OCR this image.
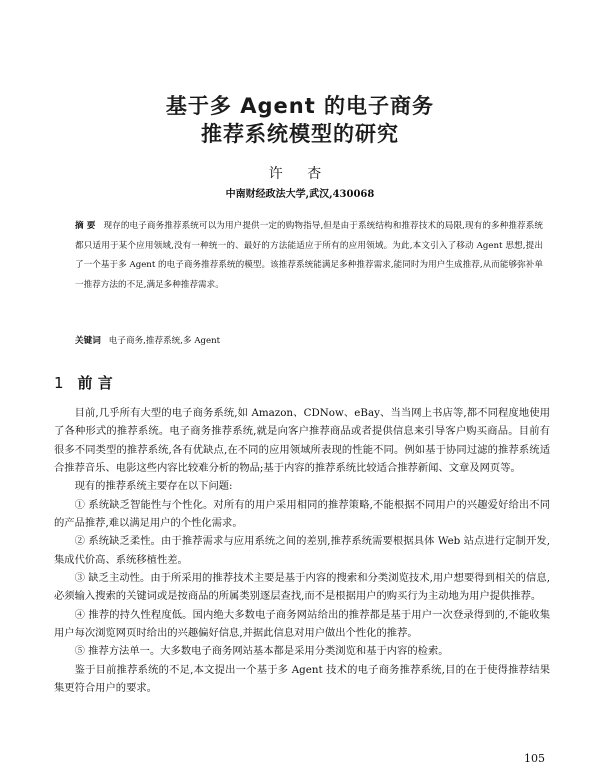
基于多 Agent 的电子商务
推荐系统模型的研究
许 杏
中南财经政法大学,武汉,430068
摘 要 现存的电子商务推荐系统可以为用户提供一定的购物指导,但是由于系统结构和推荐技术的局限,现有的多种推荐系统都只适用于某个应用领域,没有一种统一的、最好的方法能适应于所有的应用领域。为此,本文引入了移动 Agent 思想,提出了一个基于多 Agent 的电子商务推荐系统的模型。该推荐系统能满足多种推荐需求,能同时为用户生成推荐,从而能够弥补单一推荐方法的不足,满足多种推荐需求。
关键词 电子商务,推荐系统,多 Agent
1 前 言

目前,几乎所有大型的电子商务系统,如 Amazon、CDNow、eBay、当当网上书店等,都不同程度地使用了各种形式的推荐系统。电子商务推荐系统,就是向客户推荐商品或者提供信息来引导客户购买商品。目前有很多不同类型的推荐系统,各有优缺点,在不同的应用领域所表现的性能不同。例如基于协同过滤的推荐系统适合推荐音乐、电影这些内容比较难分析的物品;基于内容的推荐系统比较适合推荐新闻、文章及网页等。

现有的推荐系统主要存在以下问题:

① 系统缺乏智能性与个性化。对所有的用户采用相同的推荐策略,不能根据不同用户的兴趣爱好给出不同的产品推荐,难以满足用户的个性化需求。

② 系统缺乏柔性。由于推荐需求与应用系统之间的差别,推荐系统需要根据具体 Web 站点进行定制开发,集成代价高、系统移植性差。

③ 缺乏主动性。由于所采用的推荐技术主要是基于内容的搜索和分类浏览技术,用户想要得到相关的信息,必须输入搜索的关键词或是按商品的所属类别逐层查找,而不是根据用户的购买行为主动地为用户提供推荐。

④ 推荐的持久性程度低。国内绝大多数电子商务网站给出的推荐都是基于用户一次登录得到的,不能收集用户每次浏览网页时给出的兴趣偏好信息,并据此信息对用户做出个性化的推荐。

⑤ 推荐方法单一。大多数电子商务网站基本都是采用分类浏览和基于内容的检索。

鉴于目前推荐系统的不足,本文提出一个基于多 Agent 技术的电子商务推荐系统,目的在于使得推荐结果集更符合用户的要求。

105
